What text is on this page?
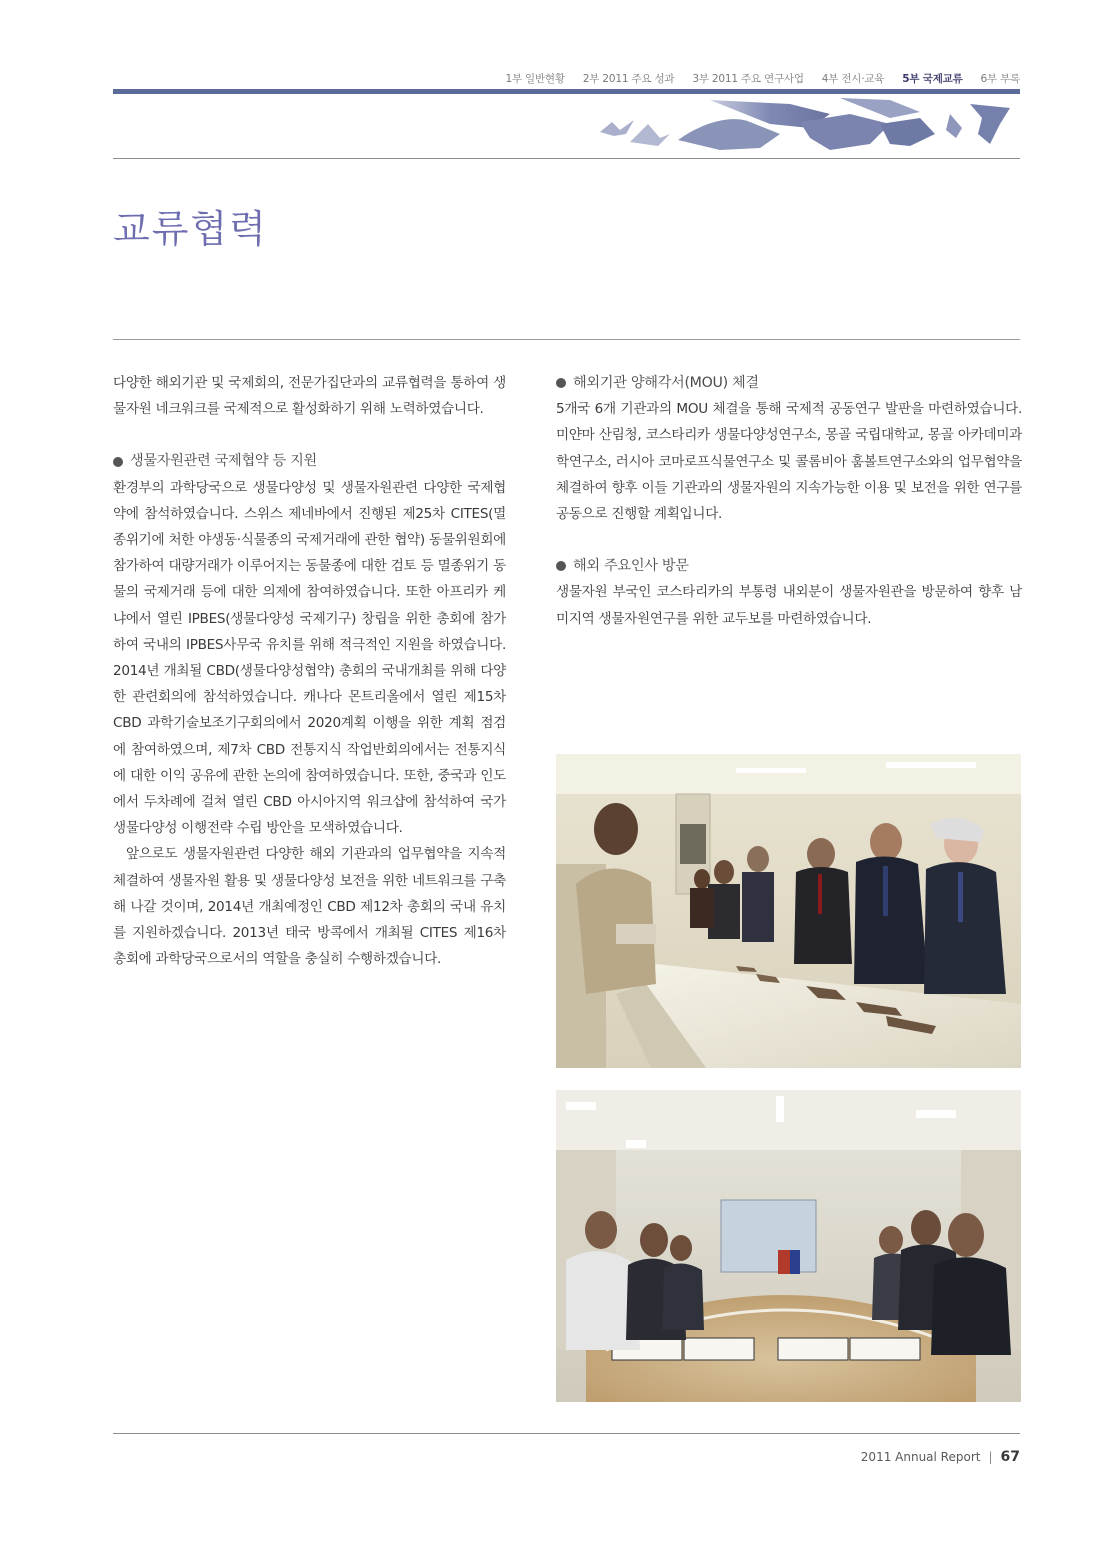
1부 일반현황 2부 2011 주요 성과 3부 2011 주요 연구사업 4부 전시·교육 5부 국제교류 6부 부록
교류협력

다양한 해외기관 및 국제회의, 전문가집단과의 교류협력을 통하여 생물자원 네크워크를 국제적으로 활성화하기 위해 노력하였습니다.

생물자원관련 국제협약 등 지원

환경부의 과학당국으로 생물다양성 및 생물자원관련 다양한 국제협약에 참석하였습니다. 스위스 제네바에서 진행된 제25차 CITES(멸종위기에 처한 야생동·식물종의 국제거래에 관한 협약) 동물위원회에 참가하여 대량거래가 이루어지는 동물종에 대한 검토 등 멸종위기 동물의 국제거래 등에 대한 의제에 참여하였습니다. 또한 아프리카 케냐에서 열린 IPBES(생물다양성 국제기구) 창립을 위한 총회에 참가하여 국내의 IPBES사무국 유치를 위해 적극적인 지원을 하였습니다. 2014년 개최될 CBD(생물다양성협약) 총회의 국내개최를 위해 다양한 관련회의에 참석하였습니다. 캐나다 몬트리올에서 열린 제15차 CBD 과학기술보조기구회의에서 2020계획 이행을 위한 계획 점검에 참여하였으며, 제7차 CBD 전통지식 작업반회의에서는 전통지식에 대한 이익 공유에 관한 논의에 참여하였습니다. 또한, 중국과 인도에서 두차례에 걸쳐 열린 CBD 아시아지역 워크샵에 참석하여 국가생물다양성 이행전략 수립 방안을 모색하였습니다.

앞으로도 생물자원관련 다양한 해외 기관과의 업무협약을 지속적 체결하여 생물자원 활용 및 생물다양성 보전을 위한 네트워크를 구축해 나갈 것이며, 2014년 개최예정인 CBD 제12차 총회의 국내 유치를 지원하겠습니다. 2013년 태국 방콕에서 개최될 CITES 제16차 총회에 과학당국으로서의 역할을 충실히 수행하겠습니다.

해외기관 양해각서(MOU) 체결

5개국 6개 기관과의 MOU 체결을 통해 국제적 공동연구 발판을 마련하였습니다. 미얀마 산림청, 코스타리카 생물다양성연구소, 몽골 국립대학교, 몽골 아카데미과학연구소, 러시아 코마로프식물연구소 및 콜롬비아 훔볼트연구소와의 업무협약을 체결하여 향후 이들 기관과의 생물자원의 지속가능한 이용 및 보전을 위한 연구를 공동으로 진행할 계획입니다.

해외 주요인사 방문

생물자원 부국인 코스타리카의 부통령 내외분이 생물자원관을 방문하여 향후 남미지역 생물자원연구를 위한 교두보를 마련하였습니다.

2011 Annual Report | 67
